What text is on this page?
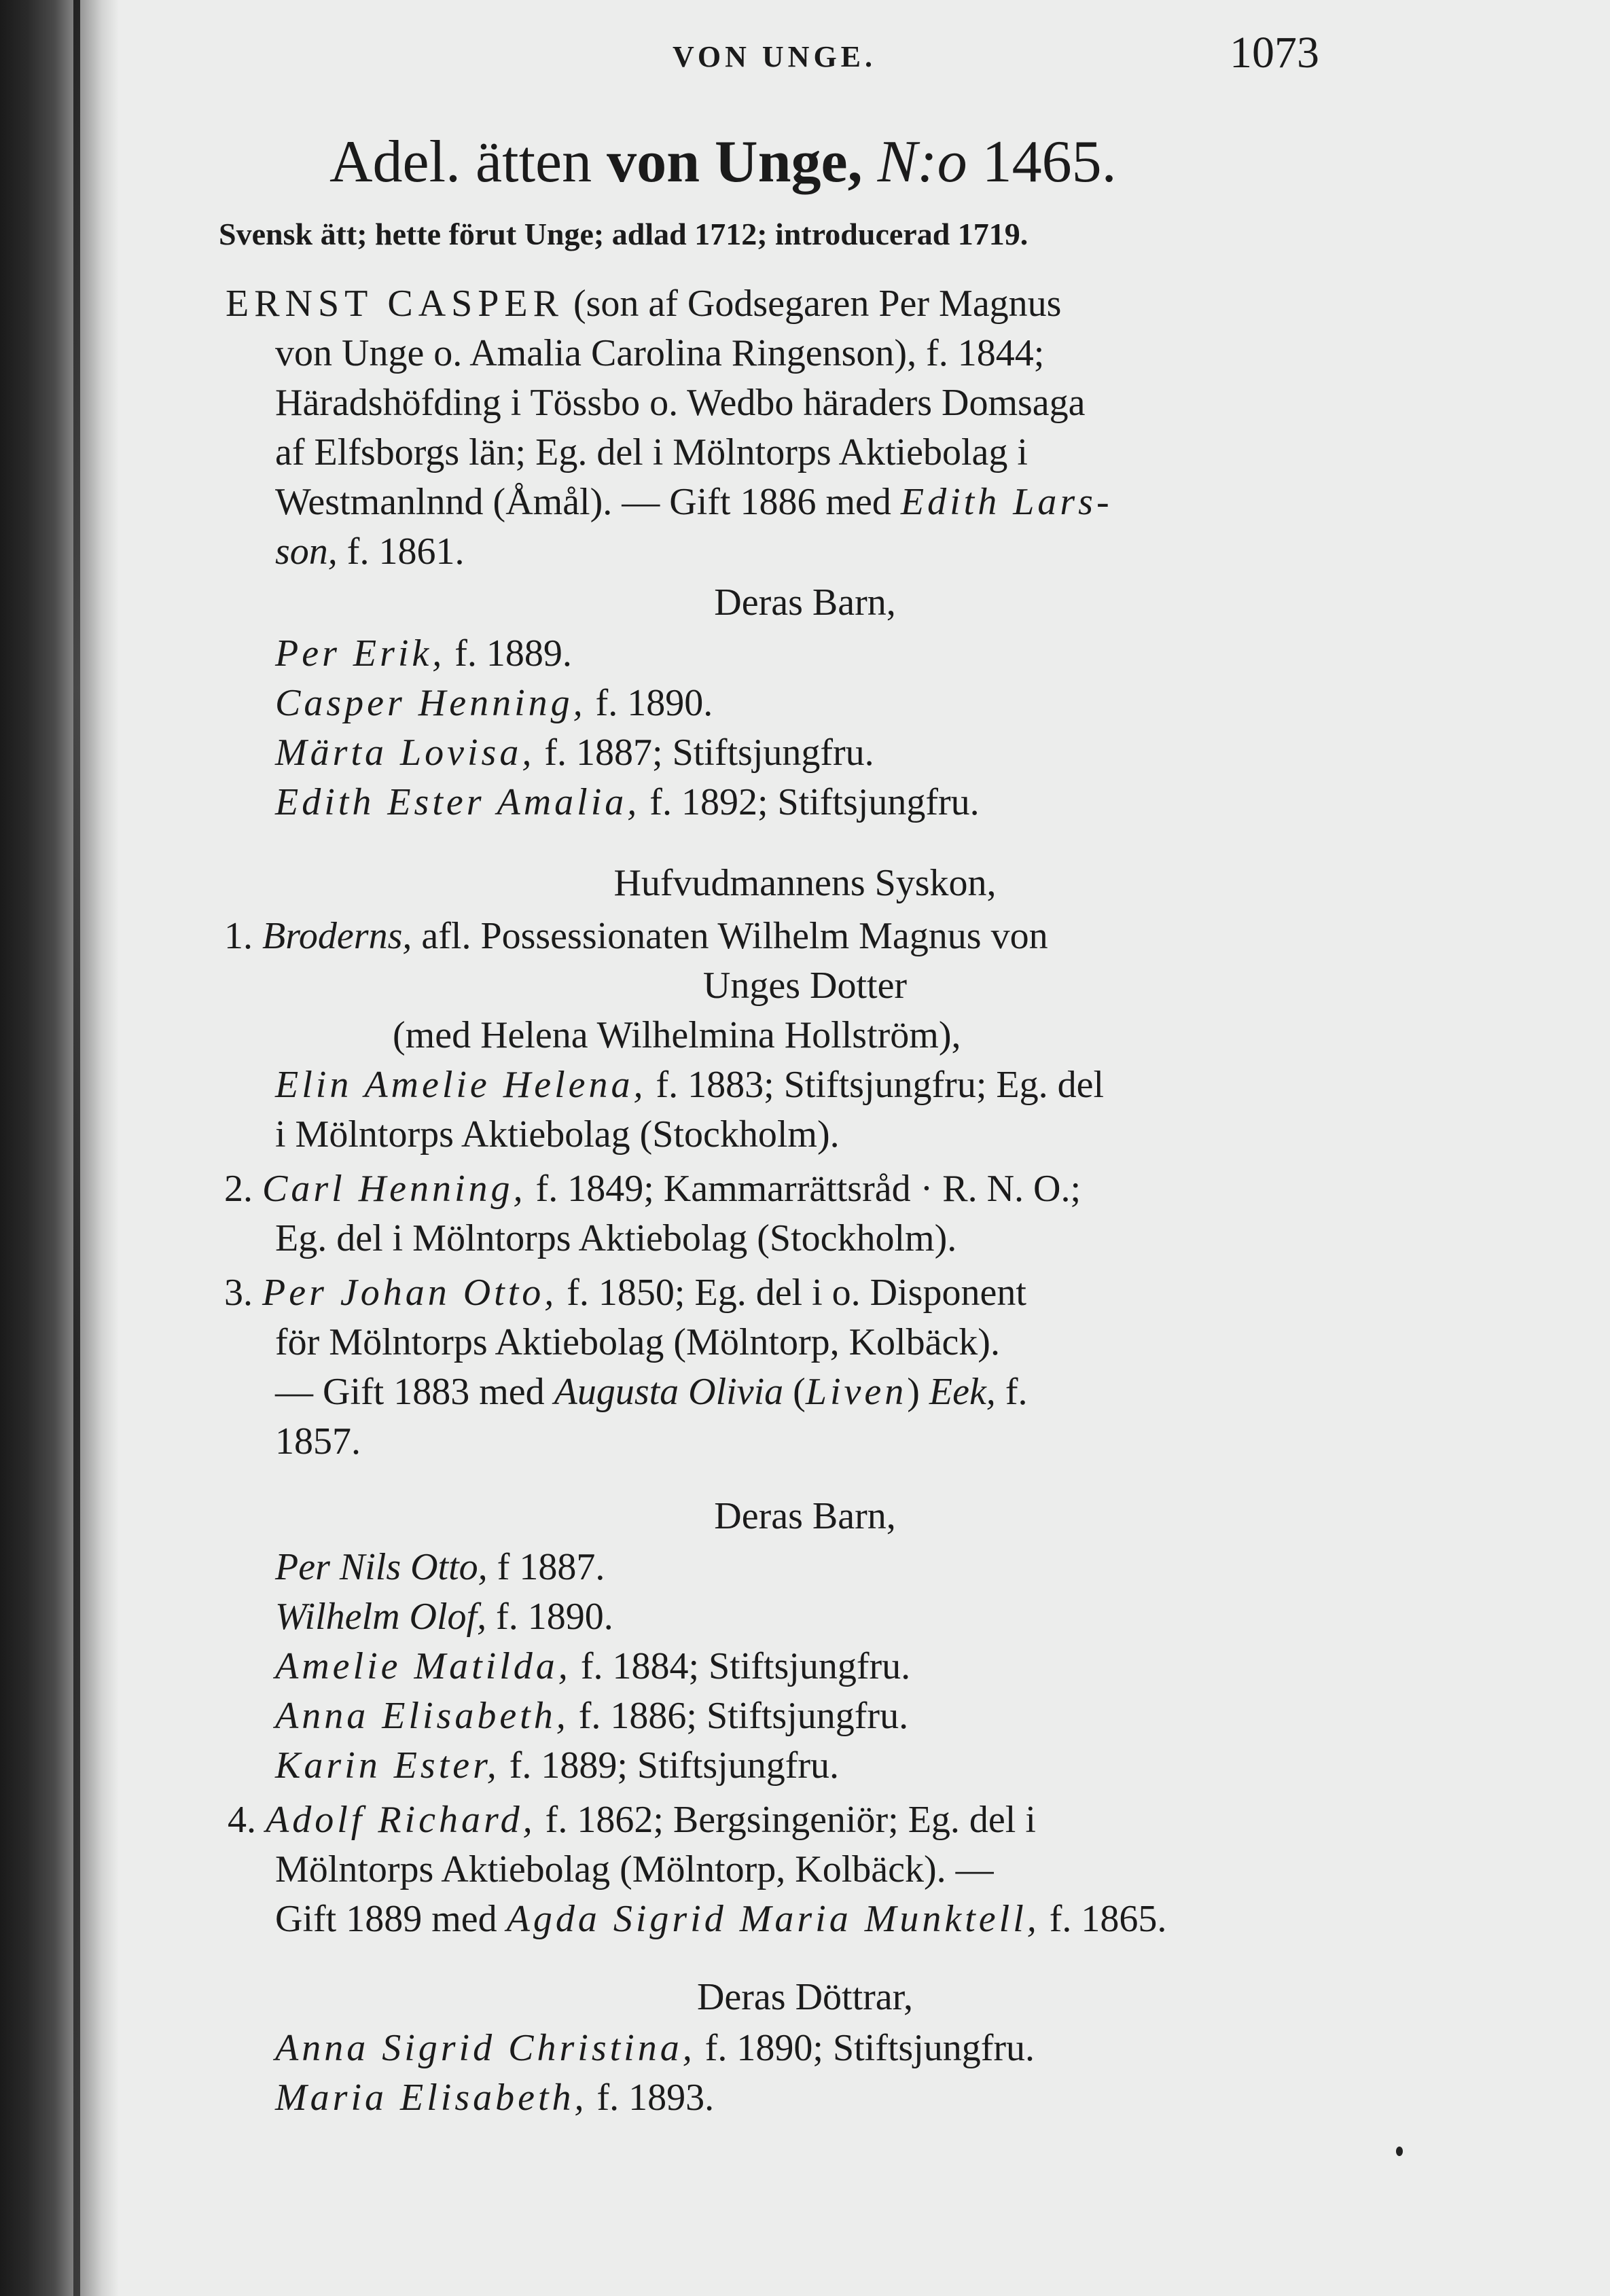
VON UNGE.	1073

Adel. ätten von Unge, N:o 1465.

Svensk ätt; hette förut Unge; adlad 1712; introducerad 1719.

ERNST CASPER (son af Godsegaren Per Magnus

von Unge o. Amalia Carolina Ringenson), f. 1844;

Häradshöfding i Tössbo o. Wedbo häraders Domsaga

af Elfsborgs län; Eg. del i Mölntorps Aktiebolag i

Westmanlnnd (Åmål). — Gift 1886 med Edith Lars-

son, f. 1861.

Deras Barn,

Per Erik, f. 1889.

Casper Henning, f. 1890.

Märta Lovisa, f. 1887; Stiftsjungfru.

Edith Ester Amalia, f. 1892; Stiftsjungfru.

Hufvudmannens Syskon,

1. Broderns, afl. Possessionaten Wilhelm Magnus von

Unges Dotter

(med Helena Wilhelmina Hollström),

Elin Amelie Helena, f. 1883; Stiftsjungfru; Eg. del

i Mölntorps Aktiebolag (Stockholm).

2. Carl Henning, f. 1849; Kammarrättsråd · R. N. O.;

Eg. del i Mölntorps Aktiebolag (Stockholm).

3. Per Johan Otto, f. 1850; Eg. del i o. Disponent

för Mölntorps Aktiebolag (Mölntorp, Kolbäck).

— Gift 1883 med Augusta Olivia (Liven) Eek, f.

1857.

Deras Barn,

Per Nils Otto, f 1887.

Wilhelm Olof, f. 1890.

Amelie Matilda, f. 1884; Stiftsjungfru.

Anna Elisabeth, f. 1886; Stiftsjungfru.

Karin Ester, f. 1889; Stiftsjungfru.

4. Adolf Richard, f. 1862; Bergsingeniör; Eg. del i

Mölntorps Aktiebolag (Mölntorp, Kolbäck). —

Gift 1889 med Agda Sigrid Maria Munktell, f. 1865.

Deras Döttrar,

Anna Sigrid Christina, f. 1890; Stiftsjungfru.

Maria Elisabeth, f. 1893.
